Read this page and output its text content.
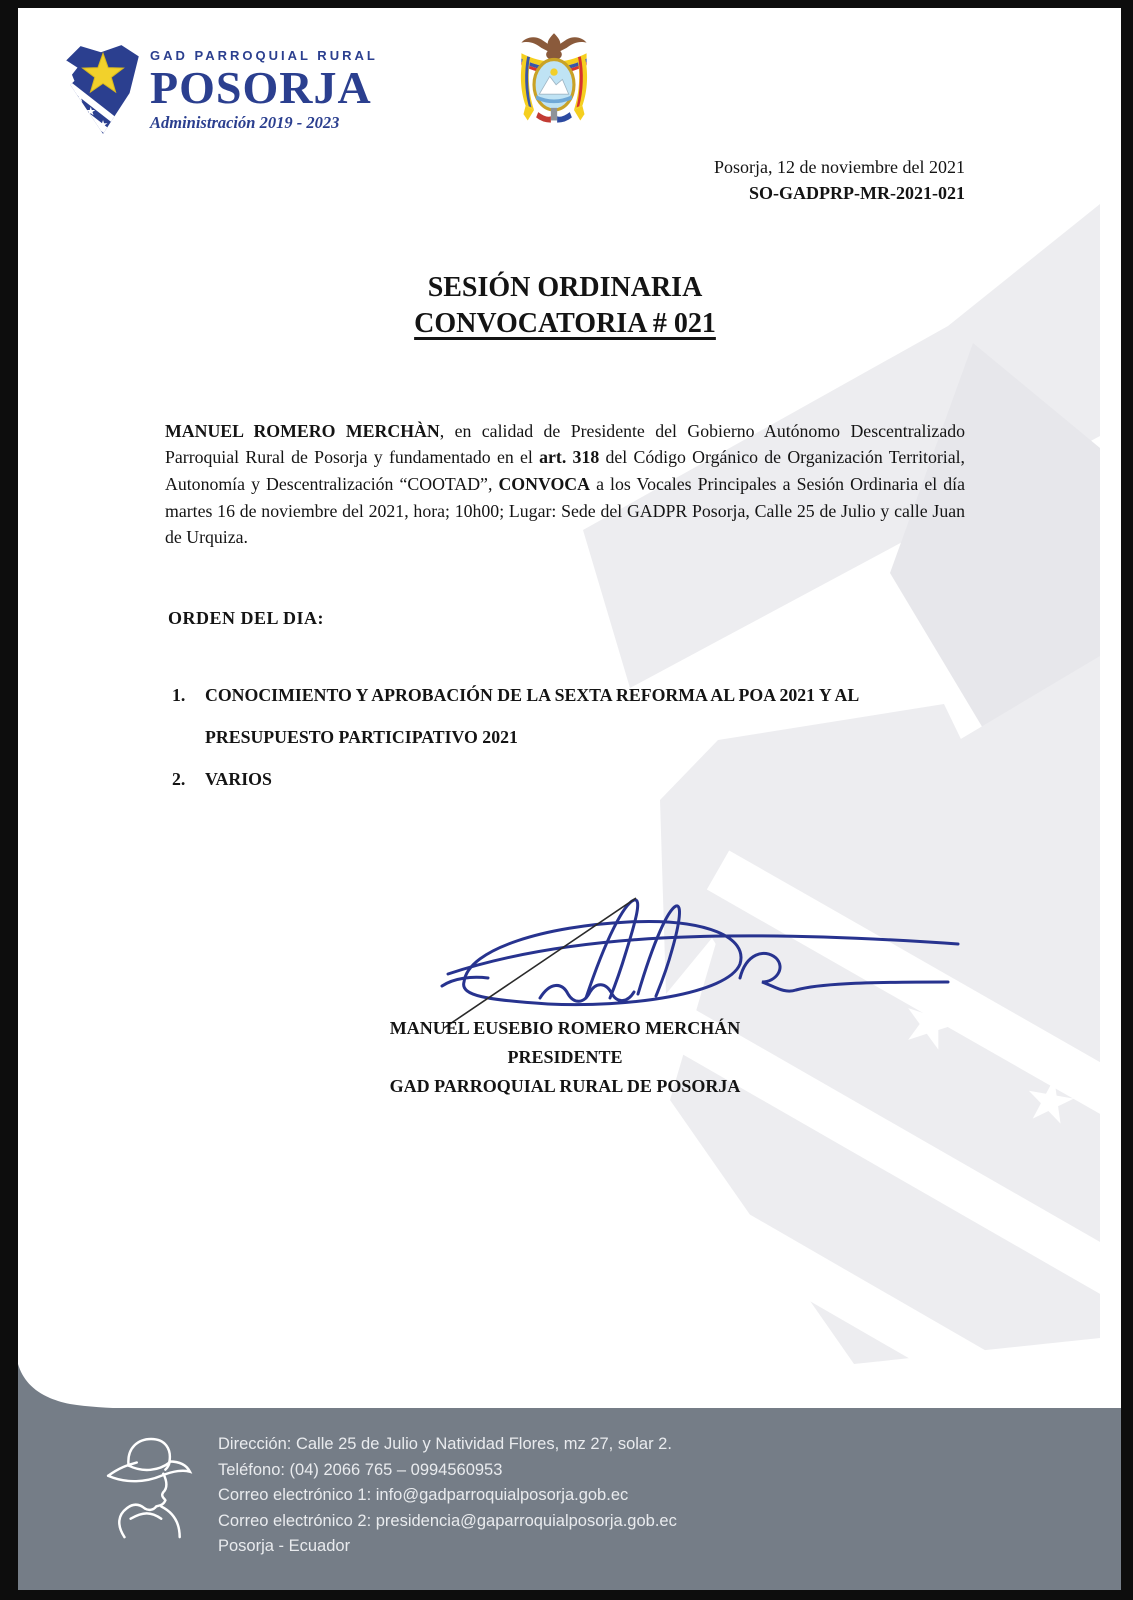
GAD PARROQUIAL RURAL
POSORJA
Administración 2019 - 2023
Posorja, 12 de noviembre del 2021
SO-GADPRP-MR-2021-021
SESIÓN ORDINARIA
CONVOCATORIA # 021

MANUEL ROMERO MERCHÀN, en calidad de Presidente del Gobierno Autónomo Descentralizado Parroquial Rural de Posorja y fundamentado en el art. 318 del Código Orgánico de Organización Territorial, Autonomía y Descentralización “COOTAD”, CONVOCA a los Vocales Principales a Sesión Ordinaria el día martes 16 de noviembre del 2021, hora; 10h00; Lugar: Sede del GADPR Posorja, Calle 25 de Julio y calle Juan de Urquiza.

ORDEN DEL DIA:
1.	CONOCIMIENTO Y APROBACIÓN DE LA SEXTA REFORMA AL POA 2021 Y AL PRESUPUESTO PARTICIPATIVO 2021
2.	VARIOS
MANUEL EUSEBIO ROMERO MERCHÁN
PRESIDENTE
GAD PARROQUIAL RURAL DE POSORJA
Dirección: Calle 25 de Julio y Natividad Flores, mz 27, solar 2.
Teléfono: (04) 2066 765 – 0994560953
Correo electrónico 1: info@gadparroquialposorja.gob.ec
Correo electrónico 2: presidencia@gaparroquialposorja.gob.ec
Posorja - Ecuador
